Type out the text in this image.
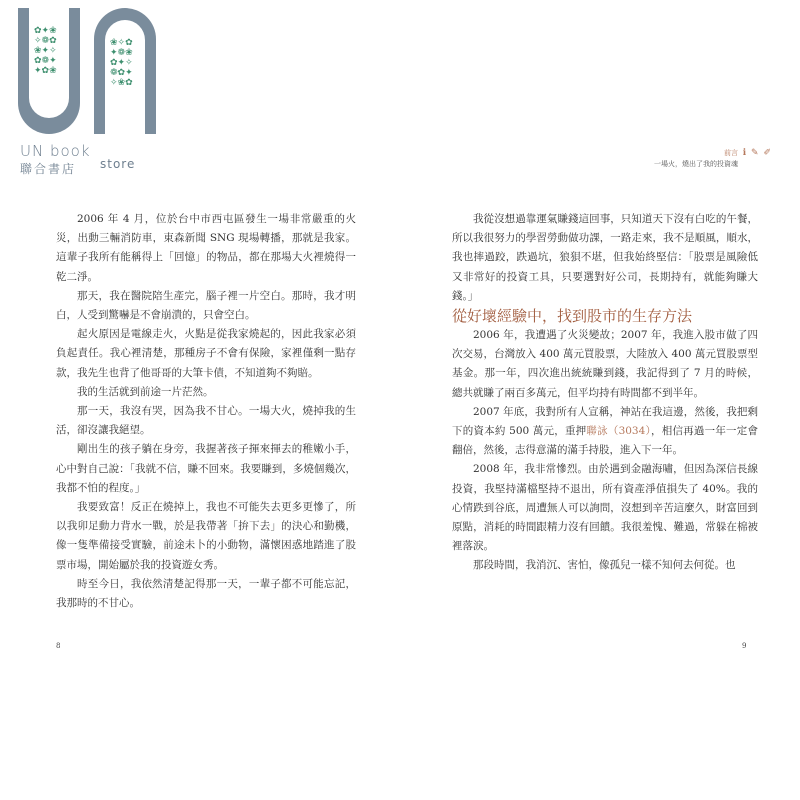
✿✦❀
✧❁✿
❀✦✧
✿❁✦
✦✿❀
❀✧✿
✦❁❀
✿✦✧
❁✿✦
✧❀✿
UN book
store
聯合書店
前言
一場火，燒出了我的投資魂
ℹ ✎ ✐

2006 年 4 月，位於台中市西屯區發生一場非常嚴重的火災，出動三輛消防車，東森新聞 SNG 現場轉播，那就是我家。這輩子我所有能稱得上「回憶」的物品，都在那場大火裡燒得一乾二淨。

那天，我在醫院陪生產完，腦子裡一片空白。那時，我才明白，人受到驚嚇是不會崩潰的，只會空白。

起火原因是電線走火，火點是從我家燒起的，因此我家必須負起責任。我心裡清楚，那種房子不會有保險，家裡僅剩一點存款，我先生也背了他哥哥的大筆卡債，不知道夠不夠賠。

我的生活就到前途一片茫然。

那一天，我沒有哭，因為我不甘心。一場大火，燒掉我的生活，卻沒讓我絕望。

剛出生的孩子躺在身旁，我握著孩子揮來揮去的稚嫩小手，心中對自己說：「我就不信，賺不回來。我要賺到，多燒個幾次，我都不怕的程度。」

我要致富！反正在燒掉上，我也不可能失去更多更慘了，所以我卯足動力背水一戰，於是我帶著「拚下去」的決心和勤機，像一隻準備接受實驗，前途未卜的小動物，滿懷困惑地踏進了股票市場，開始屬於我的投資遊女秀。

時至今日，我依然清楚記得那一天，一輩子都不可能忘記，我那時的不甘心。

8

我從沒想過靠運氣賺錢這回事，只知道天下沒有白吃的午餐，所以我很努力的學習勞動做功課，一路走來，我不是順風，順水，我也摔過跤，跌過坑，狼狽不堪，但我始終堅信：「股票是風險低又非常好的投資工具，只要選對好公司，長期持有，就能夠賺大錢。」

從好壞經驗中，找到股市的生存方法

2006 年，我遭遇了火災變故；2007 年，我進入股市做了四次交易，台灣放入 400 萬元買股票，大陸放入 400 萬元買股票型基金。那一年，四次進出統統賺到錢，我記得到了 7 月的時候，總共就賺了兩百多萬元，但平均持有時間都不到半年。

2007 年底，我對所有人宣稱，神站在我這邊，然後，我把剩下的資本約 500 萬元，重押聯詠（3034），相信再過一年一定會翻倍，然後，志得意滿的滿手持股，進入下一年。

2008 年，我非常慘烈。由於遇到金融海嘯，但因為深信長線投資，我堅持滿檔堅持不退出，所有資產淨值損失了 40%。我的心情跌到谷底，周遭無人可以詢問，沒想到辛苦這麼久，財富回到原點，消耗的時間跟精力沒有回饋。我很羞愧、難過，常躲在棉被裡落淚。

那段時間，我消沉、害怕，像孤兒一樣不知何去何從。也

9
